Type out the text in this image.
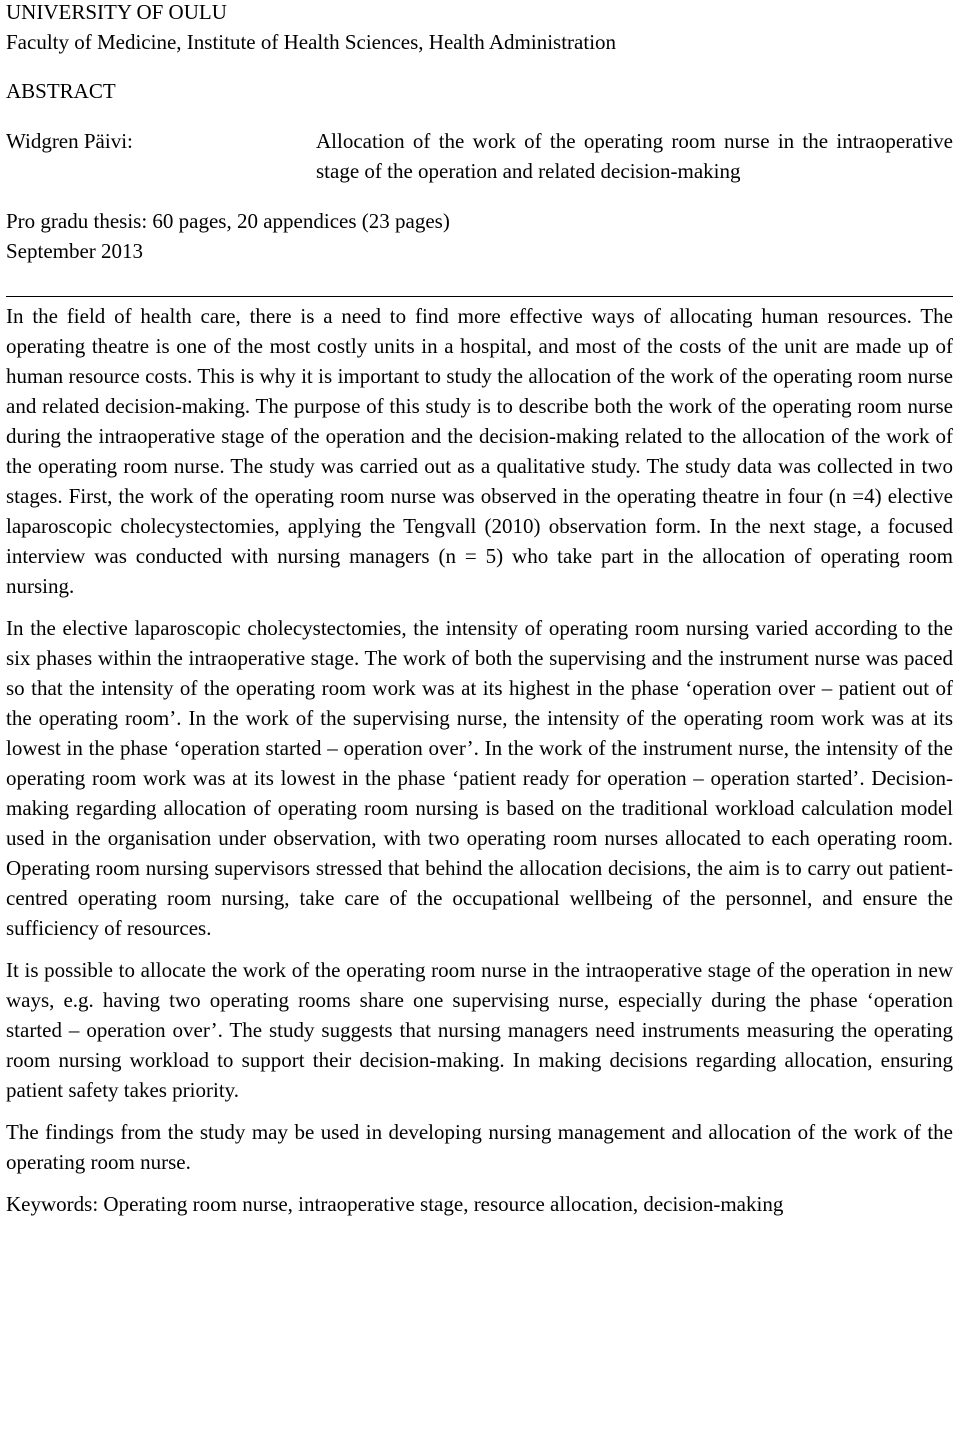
UNIVERSITY OF OULU
Faculty of Medicine, Institute of Health Sciences, Health Administration
ABSTRACT
Widgren Päivi:	Allocation of the work of the operating room nurse in the intraoperative stage of the operation and related decision-making
Pro gradu thesis: 60 pages, 20 appendices (23 pages)
September 2013

In the field of health care, there is a need to find more effective ways of allocating human resources. The operating theatre is one of the most costly units in a hospital, and most of the costs of the unit are made up of human resource costs. This is why it is important to study the allocation of the work of the operating room nurse and related decision-making. The purpose of this study is to describe both the work of the operating room nurse during the intraoperative stage of the operation and the decision-making related to the allocation of the work of the operating room nurse. The study was carried out as a qualitative study. The study data was collected in two stages. First, the work of the operating room nurse was observed in the operating theatre in four (n =4) elective laparoscopic cholecystectomies, applying the Tengvall (2010) observation form. In the next stage, a focused interview was conducted with nursing managers (n = 5) who take part in the allocation of operating room nursing.

In the elective laparoscopic cholecystectomies, the intensity of operating room nursing varied according to the six phases within the intraoperative stage. The work of both the supervising and the instrument nurse was paced so that the intensity of the operating room work was at its highest in the phase ‘operation over – patient out of the operating room’. In the work of the supervising nurse, the intensity of the operating room work was at its lowest in the phase ‘operation started – operation over’. In the work of the instrument nurse, the intensity of the operating room work was at its lowest in the phase ‘patient ready for operation – operation started’. Decision-making regarding allocation of operating room nursing is based on the traditional workload calculation model used in the organisation under observation, with two operating room nurses allocated to each operating room. Operating room nursing supervisors stressed that behind the allocation decisions, the aim is to carry out patient-centred operating room nursing, take care of the occupational wellbeing of the personnel, and ensure the sufficiency of resources.

It is possible to allocate the work of the operating room nurse in the intraoperative stage of the operation in new ways, e.g. having two operating rooms share one supervising nurse, especially during the phase ‘operation started – operation over’. The study suggests that nursing managers need instruments measuring the operating room nursing workload to support their decision-making. In making decisions regarding allocation, ensuring patient safety takes priority.

The findings from the study may be used in developing nursing management and allocation of the work of the operating room nurse.

Keywords: Operating room nurse, intraoperative stage, resource allocation, decision-making
